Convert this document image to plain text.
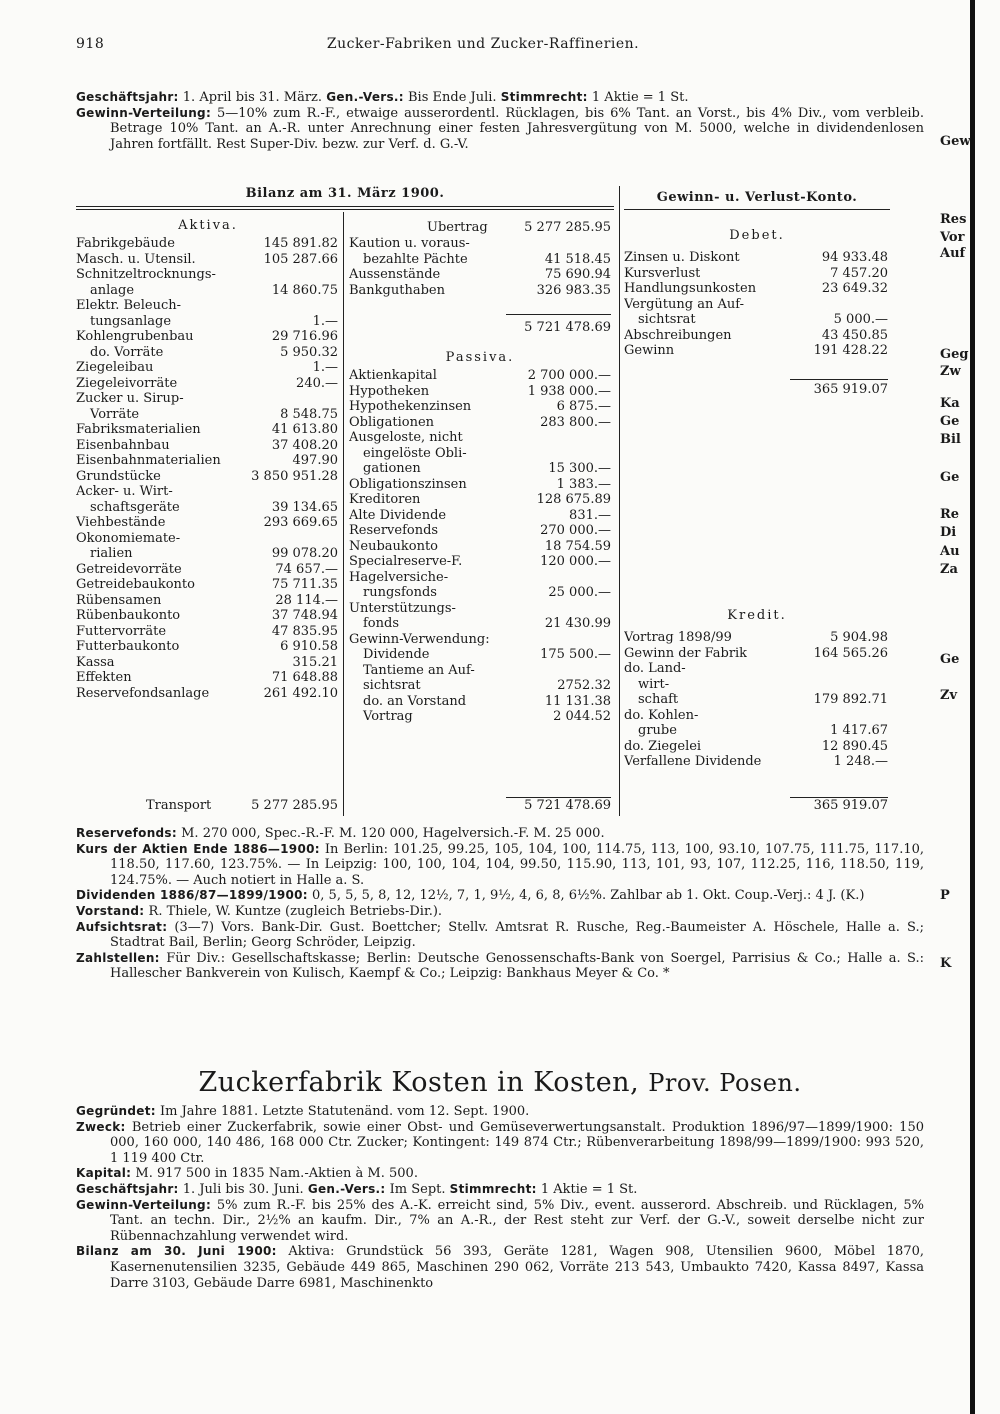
918	Zucker-Fabriken und Zucker-Raffinerien.
Geschäftsjahr: 1. April bis 31. März. Gen.-Vers.: Bis Ende Juli. Stimmrecht: 1 Aktie = 1 St.
Gewinn-Verteilung: 5—10% zum R.-F., etwaige ausserordentl. Rücklagen, bis 6% Tant. an Vorst., bis 4% Div., vom verbleib. Betrage 10% Tant. an A.-R. unter Anrechnung einer festen Jahresvergütung von M. 5000, welche in dividendenlosen Jahren fortfällt. Rest Super-Div. bezw. zur Verf. d. G.-V.
Bilanz am 31. März 1900.	Gewinn- u. Verlust-Konto.
Aktiva.
Fabrikgebäude	145 891.82
Masch. u. Utensil.	105 287.66
Schnitzeltrocknungs-
anlage	14 860.75
Elektr. Beleuch-
tungsanlage	1.—
Kohlengrubenbau	29 716.96
do. Vorräte	5 950.32
Ziegeleibau	1.—
Ziegeleivorräte	240.—
Zucker u. Sirup-
Vorräte	8 548.75
Fabriksmaterialien	41 613.80
Eisenbahnbau	37 408.20
Eisenbahnmaterialien	497.90
Grundstücke	3 850 951.28
Acker- u. Wirt-
schaftsgeräte	39 134.65
Viehbestände	293 669.65
Ökonomiemate-
rialien	99 078.20
Getreidevorräte	74 657.—
Getreidebaukonto	75 711.35
Rübensamen	28 114.—
Rübenbaukonto	37 748.94
Futtervorräte	47 835.95
Futterbaukonto	6 910.58
Kassa	315.21
Effekten	71 648.88
Reservefondsanlage	261 492.10
Transport	5 277 285.95
Übertrag	5 277 285.95
Kaution u. voraus-
bezahlte Pächte	41 518.45
Aussenstände	75 690.94
Bankguthaben	326 983.35
5 721 478.69
Passiva.
Aktienkapital	2 700 000.—
Hypotheken	1 938 000.—
Hypothekenzinsen	6 875.—
Obligationen	283 800.—
Ausgeloste, nicht
eingelöste Obli-
gationen	15 300.—
Obligationszinsen	1 383.—
Kreditoren	128 675.89
Alte Dividende	831.—
Reservefonds	270 000.—
Neubaukonto	18 754.59
Specialreserve-F.	120 000.—
Hagelversiche-
rungsfonds	25 000.—
Unterstützungs-
fonds	21 430.99
Gewinn-Verwendung:
Dividende	175 500.—
Tantieme an Auf-
sichtsrat	2752.32
do. an Vorstand	11 131.38
Vortrag	2 044.52
5 721 478.69
Debet.
Zinsen u. Diskont	94 933.48
Kursverlust	7 457.20
Handlungsunkosten	23 649.32
Vergütung an Auf-
sichtsrat	5 000.—
Abschreibungen	43 450.85
Gewinn	191 428.22
365 919.07
Kredit.
Vortrag 1898/99	5 904.98
Gewinn der Fabrik	164 565.26
do. Land-
wirt-
schaft	179 892.71
do. Kohlen-
grube	1 417.67
do. Ziegelei	12 890.45
Verfallene Dividende	1 248.—
365 919.07
Reservefonds: M. 270 000, Spec.-R.-F. M. 120 000, Hagelversich.-F. M. 25 000.
Kurs der Aktien Ende 1886—1900: In Berlin: 101.25, 99.25, 105, 104, 100, 114.75, 113, 100, 93.10, 107.75, 111.75, 117.10, 118.50, 117.60, 123.75%. — In Leipzig: 100, 100, 104, 104, 99.50, 115.90, 113, 101, 93, 107, 112.25, 116, 118.50, 119, 124.75%. — Auch notiert in Halle a. S.
Dividenden 1886/87—1899/1900: 0, 5, 5, 5, 8, 12, 12½, 7, 1, 9½, 4, 6, 8, 6½%. Zahlbar ab 1. Okt. Coup.-Verj.: 4 J. (K.)
Vorstand: R. Thiele, W. Kuntze (zugleich Betriebs-Dir.).
Aufsichtsrat: (3—7) Vors. Bank-Dir. Gust. Boettcher; Stellv. Amtsrat R. Rusche, Reg.-Baumeister A. Höschele, Halle a. S.; Stadtrat Bail, Berlin; Georg Schröder, Leipzig.
Zahlstellen: Für Div.: Gesellschaftskasse; Berlin: Deutsche Genossenschafts-Bank von Soergel, Parrisius & Co.; Halle a. S.: Hallescher Bankverein von Kulisch, Kaempf & Co.; Leipzig: Bankhaus Meyer & Co. *
Zuckerfabrik Kosten in Kosten, Prov. Posen.
Gegründet: Im Jahre 1881. Letzte Statutenänd. vom 12. Sept. 1900.
Zweck: Betrieb einer Zuckerfabrik, sowie einer Obst- und Gemüseverwertungsanstalt. Produktion 1896/97—1899/1900: 150 000, 160 000, 140 486, 168 000 Ctr. Zucker; Kontingent: 149 874 Ctr.; Rübenverarbeitung 1898/99—1899/1900: 993 520, 1 119 400 Ctr.
Kapital: M. 917 500 in 1835 Nam.-Aktien à M. 500.
Geschäftsjahr: 1. Juli bis 30. Juni. Gen.-Vers.: Im Sept. Stimmrecht: 1 Aktie = 1 St.
Gewinn-Verteilung: 5% zum R.-F. bis 25% des A.-K. erreicht sind, 5% Div., event. ausserord. Abschreib. und Rücklagen, 5% Tant. an techn. Dir., 2½% an kaufm. Dir., 7% an A.-R., der Rest steht zur Verf. der G.-V., soweit derselbe nicht zur Rübennachzahlung verwendet wird.
Bilanz am 30. Juni 1900: Aktiva: Grundstück 56 393, Geräte 1281, Wagen 908, Utensilien 9600, Möbel 1870, Kasernenutensilien 3235, Gebäude 449 865, Maschinen 290 062, Vorräte 213 543, Umbaukto 7420, Kassa 8497, Kassa Darre 3103, Gebäude Darre 6981, Maschinenkto
Gew
Res
Vor
Auf
Geg
Zw
Ka
Ge
Bil
Ge
Re
Di
Au
Za
Ge
Zv
P
K
